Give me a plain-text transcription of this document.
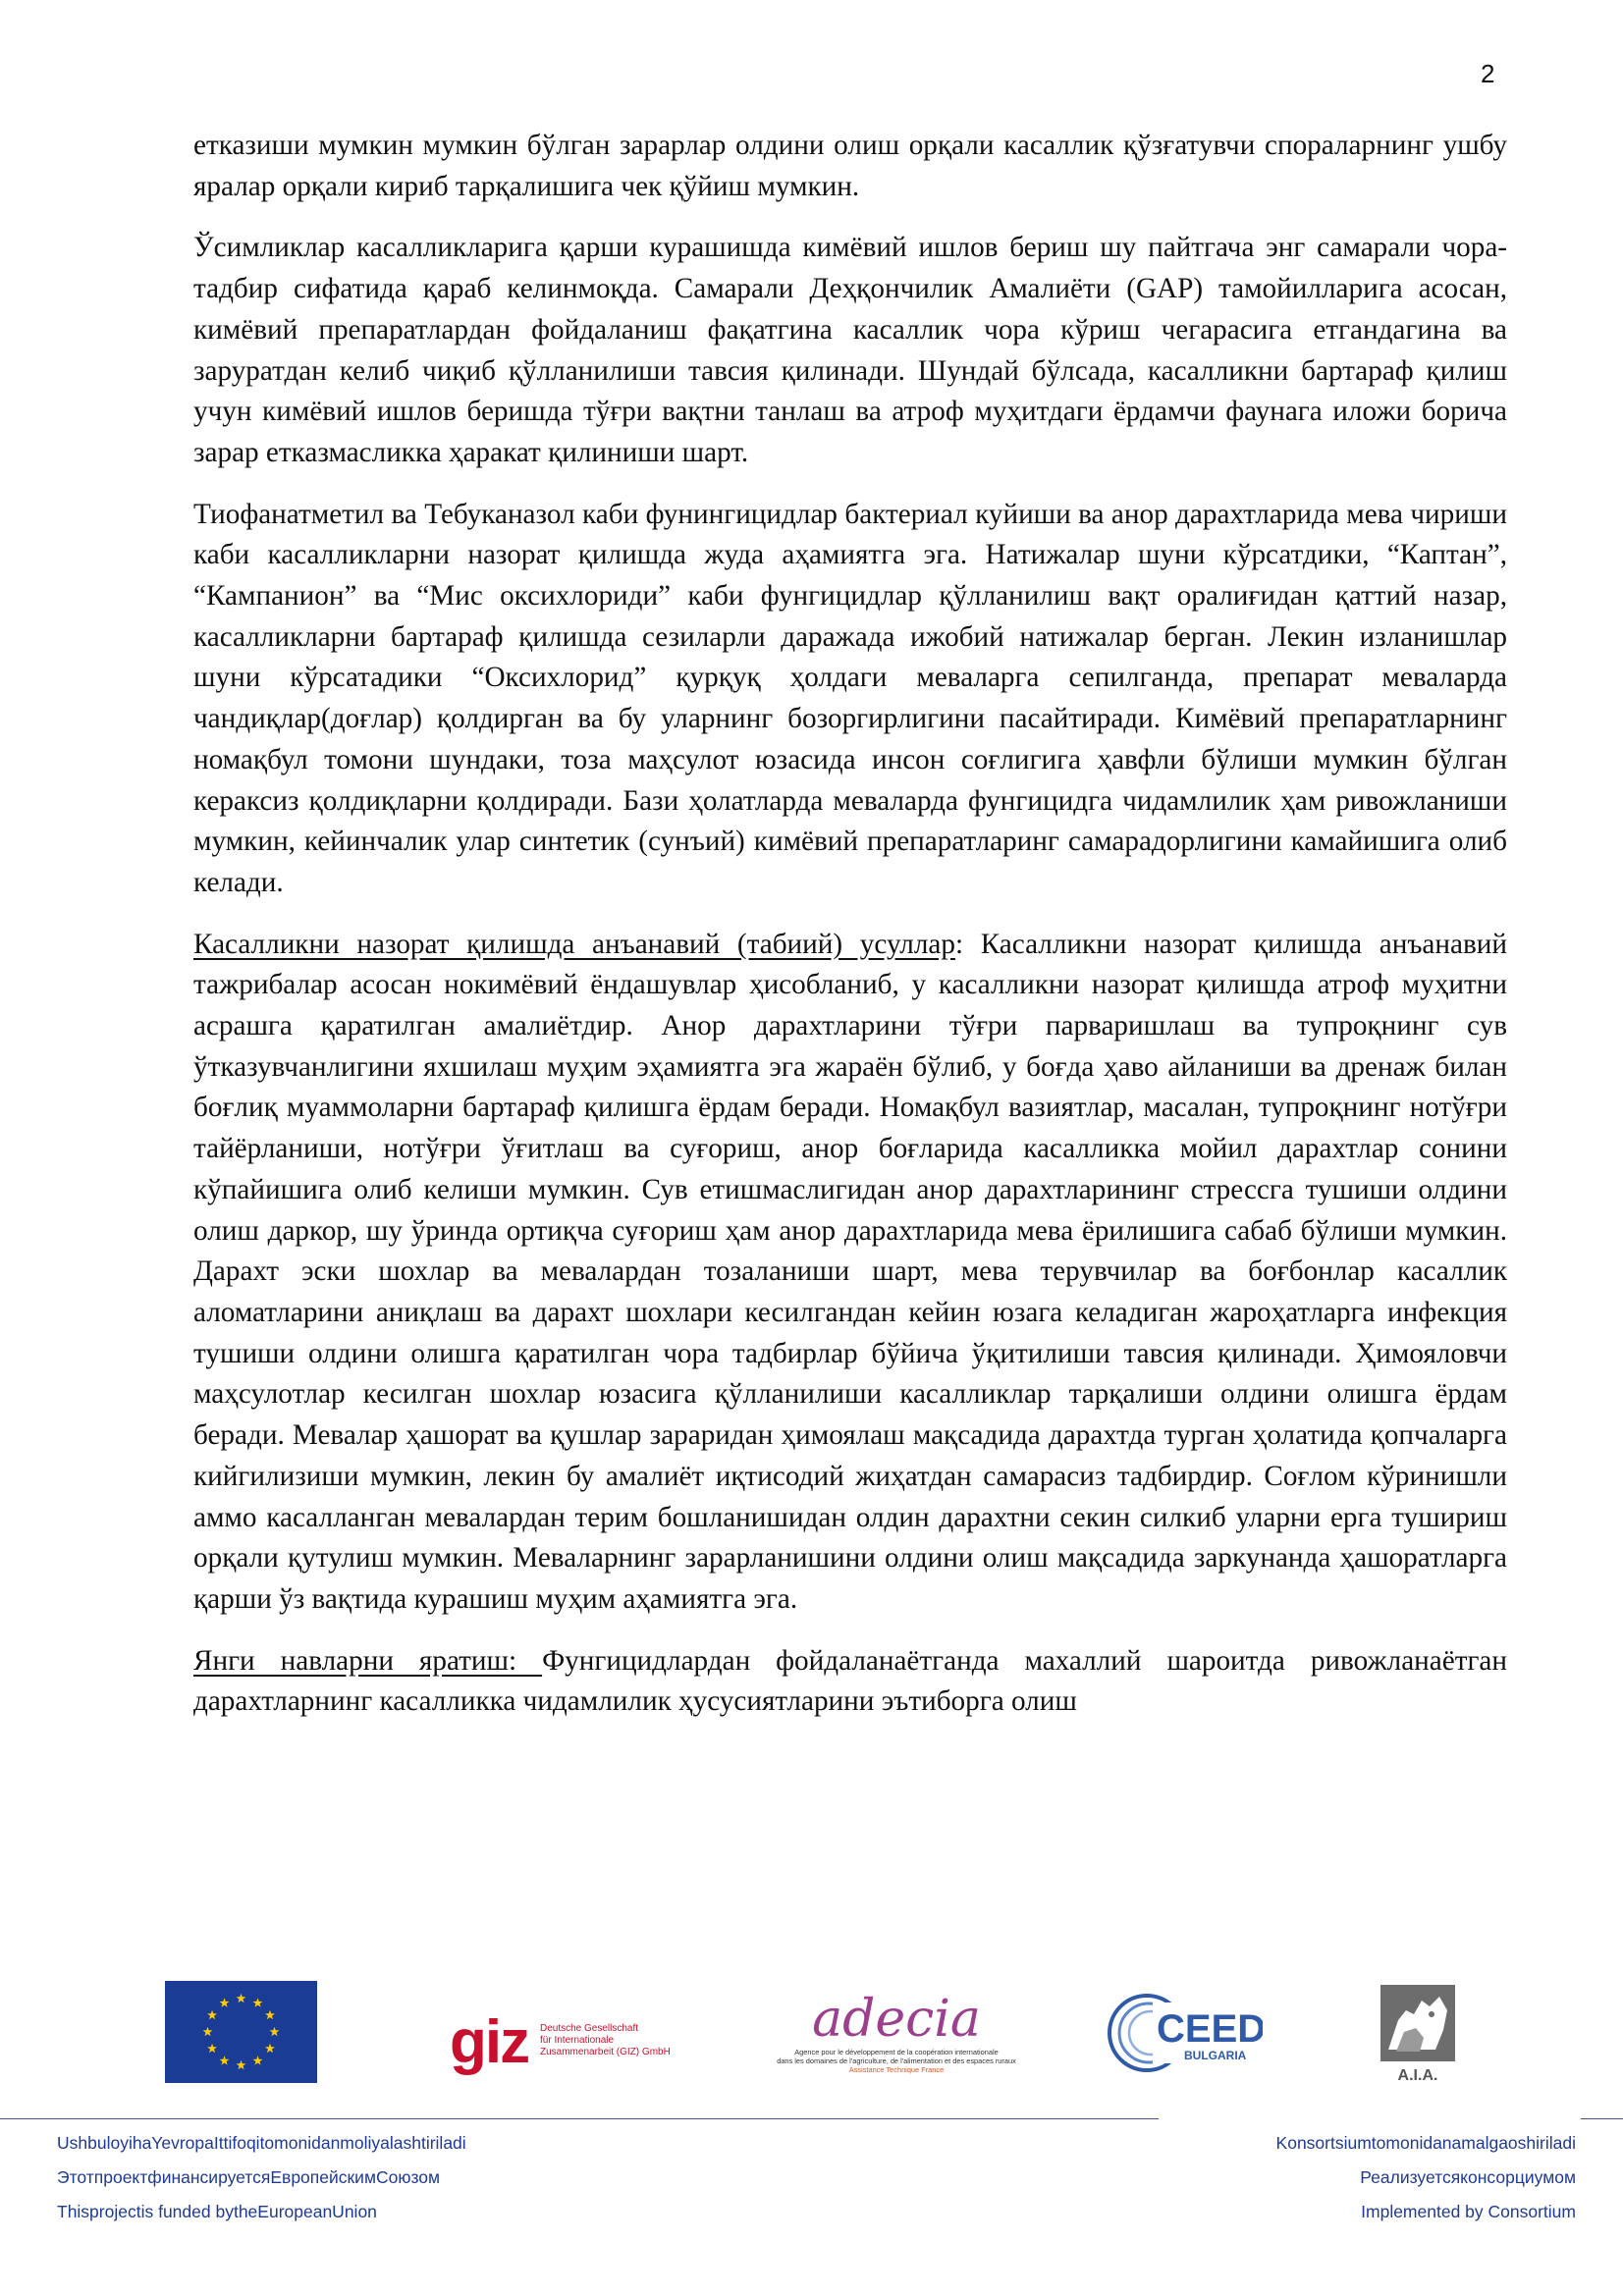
2

етказиши мумкин мумкин бўлган зарарлар олдини олиш орқали касаллик қўзғатувчи спораларнинг ушбу яралар орқали кириб тарқалишига чек қўйиш мумкин.

Ўсимликлар касалликларига қарши курашишда кимёвий ишлов бериш шу пайтгача энг самарали чора-тадбир сифатида қараб келинмоқда. Самарали Деҳқончилик Амалиёти (GAP) тамойилларига асосан, кимёвий препаратлардан фойдаланиш фақатгина касаллик чора кўриш чегарасига етгандагина ва заруратдан келиб чиқиб қўлланилиши тавсия қилинади. Шундай бўлсада, касалликни бартараф қилиш учун кимёвий ишлов беришда тўғри вақтни танлаш ва атроф муҳитдаги ёрдамчи фаунага иложи борича зарар етказмасликка ҳаракат қилиниши шарт.

Тиофанатметил ва Тебуканазол каби фунингицидлар бактериал куйиши ва анор дарахтларида мева чириши каби касалликларни назорат қилишда жуда аҳамиятга эга. Натижалар шуни кўрсатдики, “Каптан”, “Кампанион” ва “Мис оксихлориди” каби фунгицидлар қўлланилиш вақт оралиғидан қаттий назар, касалликларни бартараф қилишда сезиларли даражада ижобий натижалар берган. Лекин изланишлар шуни кўрсатадики “Оксихлорид” қурқуқ ҳолдаги меваларга сепилганда, препарат меваларда чандиқлар(доғлар) қолдирган ва бу уларнинг бозоргирлигини пасайтиради. Кимёвий препаратларнинг номақбул томони шундаки, тоза маҳсулот юзасида инсон соғлигига ҳавфли бўлиши мумкин бўлган кераксиз қолдиқларни қолдиради. Бази ҳолатларда меваларда фунгицидга чидамлилик ҳам ривожланиши мумкин, кейинчалик улар синтетик (сунъий) кимёвий препаратларинг самарадорлигини камайишига олиб келади.

Касалликни назорат қилишда анъанавий (табиий) усуллар: Касалликни назорат қилишда анъанавий тажрибалар асосан нокимёвий ёндашувлар ҳисобланиб, у касалликни назорат қилишда атроф муҳитни асрашга қаратилган амалиётдир. Анор дарахтларини тўғри парваришлаш ва тупроқнинг сув ўтказувчанлигини яхшилаш муҳим эҳамиятга эга жараён бўлиб, у боғда ҳаво айланиши ва дренаж билан боғлиқ муаммоларни бартараф қилишга ёрдам беради. Номақбул вазиятлар, масалан, тупроқнинг нотўғри тайёрланиши, нотўғри ўғитлаш ва суғориш, анор боғларида касалликка мойил дарахтлар сонини кўпайишига олиб келиши мумкин. Сув етишмаслигидан анор дарахтларининг стрессга тушиши олдини олиш даркор, шу ўринда ортиқча суғориш ҳам анор дарахтларида мева ёрилишига сабаб бўлиши мумкин. Дарахт эски шохлар ва мевалардан тозаланиши шарт, мева терувчилар ва боғбонлар касаллик аломатларини аниқлаш ва дарахт шохлари кесилгандан кейин юзага келадиган жароҳатларга инфекция тушиши олдини олишга қаратилган чора тадбирлар бўйича ўқитилиши тавсия қилинади. Ҳимояловчи маҳсулотлар кесилган шохлар юзасига қўлланилиши касалликлар тарқалиши олдини олишга ёрдам беради. Мевалар ҳашорат ва қушлар зараридан ҳимоялаш мақсадида дарахтда турган ҳолатида қопчаларга кийгилизиши мумкин, лекин бу амалиёт иқтисодий жиҳатдан самарасиз тадбирдир. Соғлом кўринишли аммо касалланган мевалардан терим бошланишидан олдин дарахтни секин силкиб уларни ерга тушириш орқали қутулиш мумкин. Меваларнинг зарарланишини олдини олиш мақсадида заркунанда ҳашоратларга қарши ўз вақтида курашиш муҳим аҳамиятга эга.

Янги навларни яратиш: Фунгицидлардан фойдаланаётганда махаллий шароитда ривожланаётган дарахтларнинг касалликка чидамлилик ҳусусиятларини эътиборга олиш

giz Deutsche Gesellschaft
für Internationale
Zusammenarbeit (GIZ) GmbH
adecia
Agence pour le développement de la coopération internationale
dans les domaines de l'agriculture, de l'alimentation et des espaces ruraux
Assistance Technique France
CEED
BULGARIA
A.I.A.
UshbuloyihaYevropaIttifoqitomonidanmoliyalashtiriladi
ЭтотпроектфинансируетсяЕвропейскимСоюзом
Thisprojectis funded bytheEuropeanUnion
Konsortsiumtomonidanamalgaoshiriladi
Реализуетсяконсорциумом
Implemented by Consortium
